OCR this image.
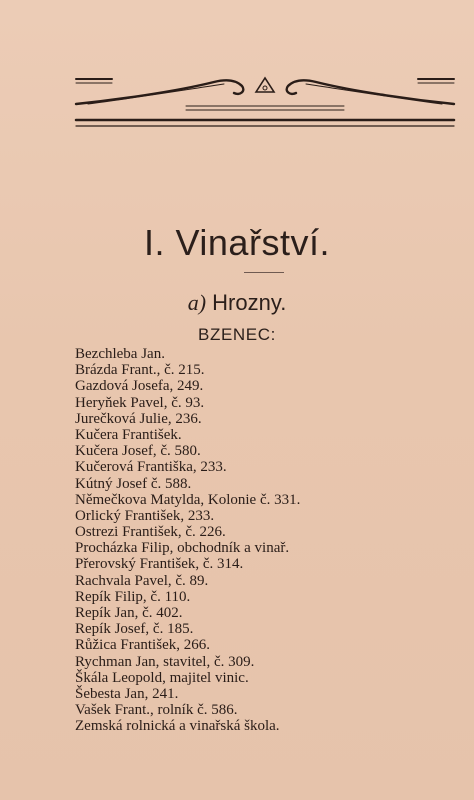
I. Vinařství.
a) Hrozny.
BZENEC:
Bezchleba Jan.
Brázda Frant., č. 215.
Gazdová Josefa, 249.
Heryňek Pavel, č. 93.
Jurečková Julie, 236.
Kučera František.
Kučera Josef, č. 580.
Kučerová Františka, 233.
Kútný Josef č. 588.
Němečkova Matylda, Kolonie č. 331.
Orlický František, 233.
Ostrezi František, č. 226.
Procházka Filip, obchodník a vinař.
Přerovský František, č. 314.
Rachvala Pavel, č. 89.
Repík Filip, č. 110.
Repík Jan, č. 402.
Repík Josef, č. 185.
Růžica František, 266.
Rychman Jan, stavitel, č. 309.
Škála Leopold, majitel vinic.
Šebesta Jan, 241.
Vašek Frant., rolník č. 586.
Zemská rolnická a vinařská škola.
